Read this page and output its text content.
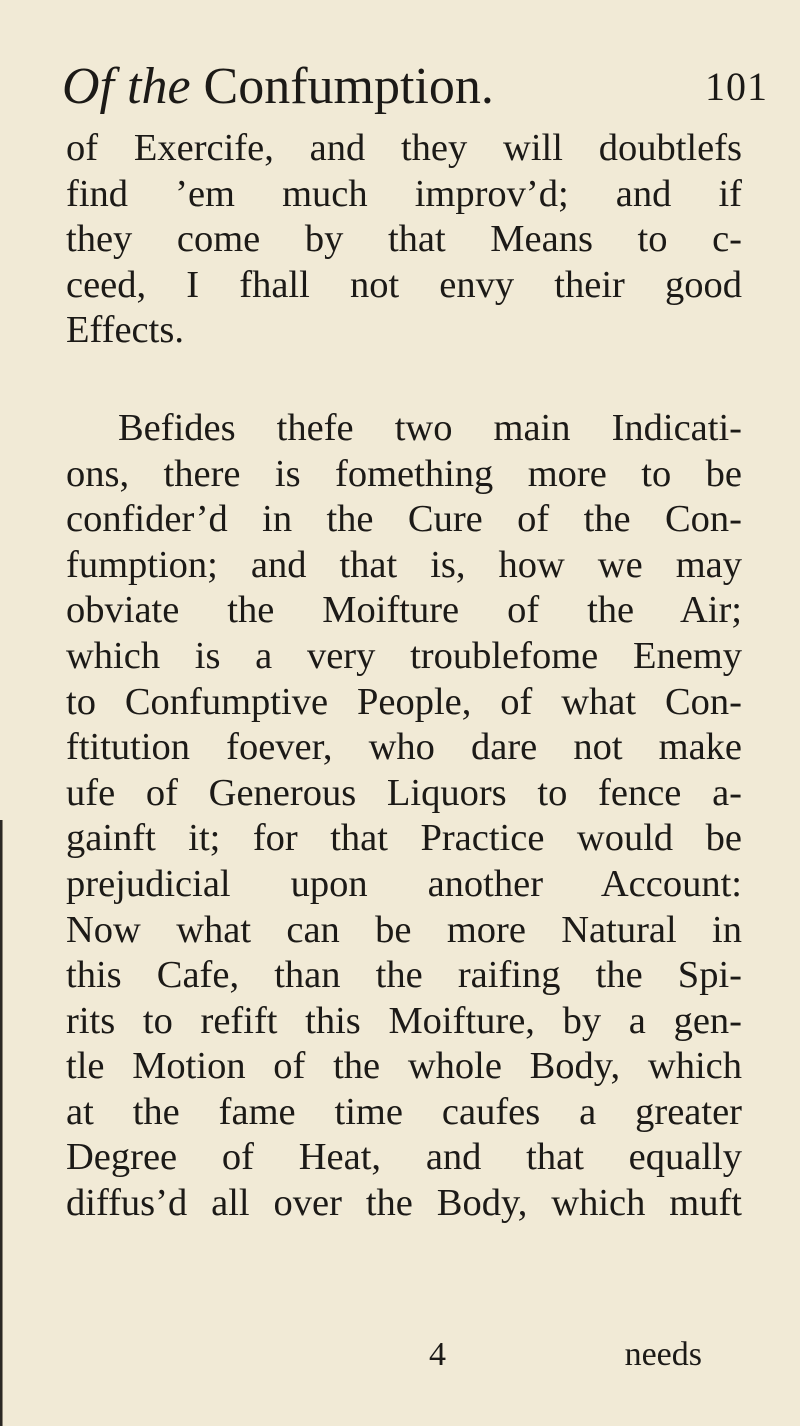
Of the Confumption.	101
of Exercife, and they will doubtlefs
find ’em much improv’d; and if
they come by that Means to c-
ceed, I fhall not envy their good
Effects.
Befides thefe two main Indicati-
ons, there is fomething more to be
confider’d in the Cure of the Con-
fumption; and that is, how we may
obviate the Moifture of the Air;
which is a very troublefome Enemy
to Confumptive People, of what Con-
ftitution foever, who dare not make
ufe of Generous Liquors to fence a-
gainft it; for that Practice would be
prejudicial upon another Account:
Now what can be more Natural in
this Cafe, than the raifing the Spi-
rits to refift this Moifture, by a gen-
tle Motion of the whole Body, which
at the fame time caufes a greater
Degree of Heat, and that equally
diffus’d all over the Body, which muft
4	needs
